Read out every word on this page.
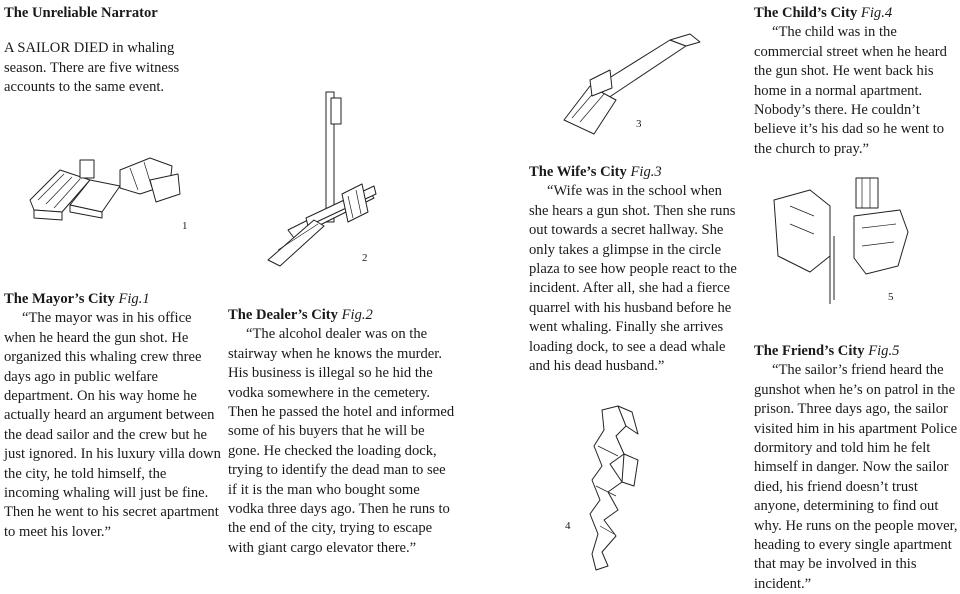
The Unreliable Narrator

A SAILOR DIED in whaling season. There are five witness accounts to the same event.

The Mayor’s City Fig.1

“The mayor was in his office when he heard the gun shot. He organized this whaling crew three days ago in public welfare department. On his way home he actually heard an argument between the dead sailor and the crew but he just ignored. In his luxury villa down the city, he told himself, the incoming whaling will just be fine. Then he went to his secret apartment to meet his lover.”

The Dealer’s City Fig.2

“The alcohol dealer was on the stairway when he knows the murder. His business is illegal so he hid the vodka somewhere in the cemetery. Then he passed the hotel and informed some of his buyers that he will be gone. He checked the loading dock, trying to identify the dead man to see if it is the man who bought some vodka three days ago. Then he runs to the end of the city, trying to escape with giant cargo elevator there.”

The Wife’s City Fig.3

“Wife was in the school when she hears a gun shot. Then she runs out towards a secret hallway. She only takes a glimpse in the circle plaza to see how people react to the incident. After all, she had a fierce quarrel with his husband before he went whaling. Finally she arrives loading dock, to see a dead whale and his dead husband.”

The Child’s City Fig.4

“The child was in the commercial street when he heard the gun shot. He went back his home in a normal apartment. Nobody’s there. He couldn’t believe it’s his dad so he went to the church to pray.”

The Friend’s City Fig.5

“The sailor’s friend heard the gunshot when he’s on patrol in the prison. Three days ago, the sailor visited him in his apartment Police dormitory and told him he felt himself in danger. Now the sailor died, his friend doesn’t trust anyone, determining to find out why. He runs on the people mover, heading to every single apartment that may be involved in this incident.”

1
2
3
4
5
